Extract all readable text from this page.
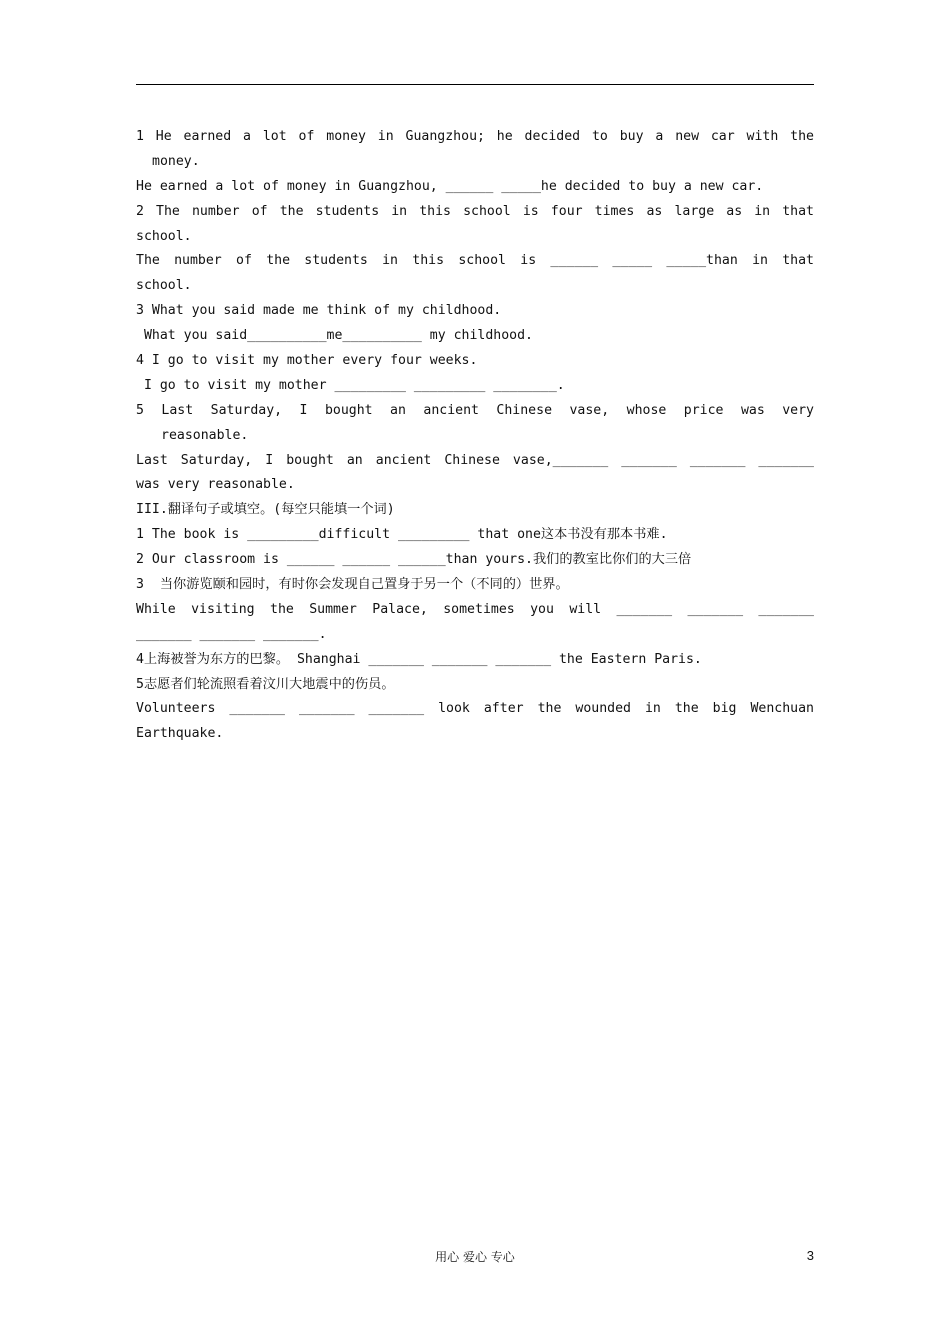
1 He earned a lot of money in Guangzhou; he decided to buy a new car with the
money.
He earned a lot of money in Guangzhou, ______ _____he decided to buy a new car.
2 The number of the students in this school is four times as large as in that
school.
The number of the students in this school is ______ _____ _____than in that
school.
3 What you said made me think of my childhood.
What you said__________me__________ my childhood.
4 I go to visit my mother every four weeks.
I go to visit my mother _________ _________ ________.
5 Last Saturday, I bought an ancient Chinese vase, whose price was very
reasonable.
Last Saturday, I bought an ancient Chinese vase,_______ _______ _______ _______
was very reasonable.
III.翻译句子或填空。(每空只能填一个词)
1 The book is _________difficult _________ that one这本书没有那本书难.
2 Our classroom is ______ ______ ______than yours.我们的教室比你们的大三倍
3  当你游览颐和园时，有时你会发现自己置身于另一个（不同的）世界。
While visiting the Summer Palace, sometimes you will _______ _______ _______
_______ _______ _______.
4上海被誉为东方的巴黎。 Shanghai _______ _______ _______ the Eastern Paris.
5志愿者们轮流照看着汶川大地震中的伤员。
Volunteers _______ _______ _______ look after the wounded in the big Wenchuan
Earthquake.
用心 爱心 专心	3
